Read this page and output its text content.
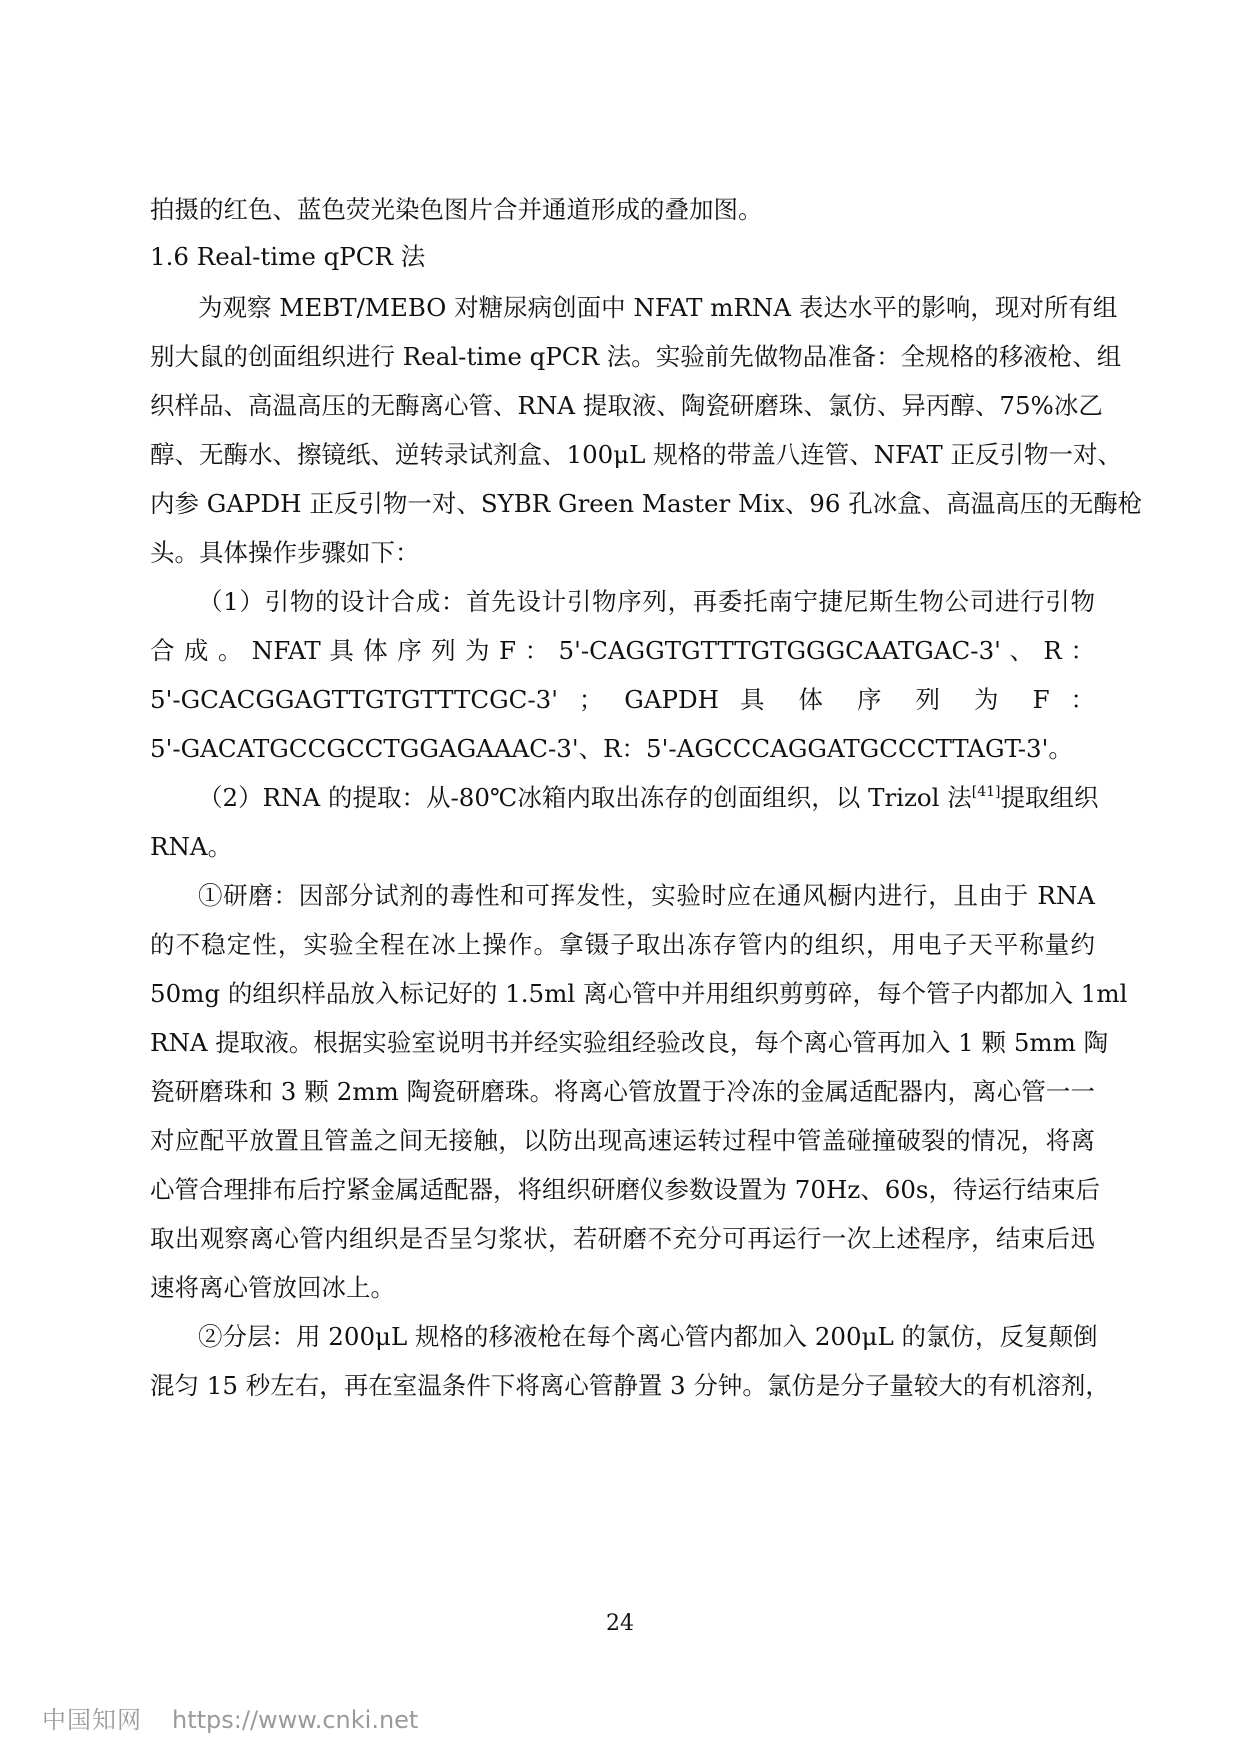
拍摄的红色、蓝色荧光染色图片合并通道形成的叠加图。

1.6 Real-time qPCR 法

为观察 MEBT/MEBO 对糖尿病创面中 NFAT mRNA 表达水平的影响，现对所有组

别大鼠的创面组织进行 Real-time qPCR 法。实验前先做物品准备：全规格的移液枪、组

织样品、高温高压的无酶离心管、RNA 提取液、陶瓷研磨珠、氯仿、异丙醇、75%冰乙

醇、无酶水、擦镜纸、逆转录试剂盒、100μL 规格的带盖八连管、NFAT 正反引物一对、

内参 GAPDH 正反引物一对、SYBR Green Master Mix、96 孔冰盒、高温高压的无酶枪

头。具体操作步骤如下：

（1）引物的设计合成：首先设计引物序列，再委托南宁捷尼斯生物公司进行引物

合 成 。 NFAT 具 体 序 列 为 F ： 5'-CAGGTGTTTGTGGGCAATGAC-3' 、 R ：

5'-GCACGGAGTTGTGTTTCGC-3' ； GAPDH 具 体 序 列 为 F ：

5'-GACATGCCGCCTGGAGAAAC-3'、R：5'-AGCCCAGGATGCCCTTAGT-3'。

（2）RNA 的提取：从-80℃冰箱内取出冻存的创面组织，以 Trizol 法[41]提取组织

RNA。

①研磨：因部分试剂的毒性和可挥发性，实验时应在通风橱内进行，且由于 RNA

的不稳定性，实验全程在冰上操作。拿镊子取出冻存管内的组织，用电子天平称量约

50mg 的组织样品放入标记好的 1.5ml 离心管中并用组织剪剪碎，每个管子内都加入 1ml

RNA 提取液。根据实验室说明书并经实验组经验改良，每个离心管再加入 1 颗 5mm 陶

瓷研磨珠和 3 颗 2mm 陶瓷研磨珠。将离心管放置于冷冻的金属适配器内，离心管一一

对应配平放置且管盖之间无接触，以防出现高速运转过程中管盖碰撞破裂的情况，将离

心管合理排布后拧紧金属适配器，将组织研磨仪参数设置为 70Hz、60s，待运行结束后

取出观察离心管内组织是否呈匀浆状，若研磨不充分可再运行一次上述程序，结束后迅

速将离心管放回冰上。

②分层：用 200μL 规格的移液枪在每个离心管内都加入 200μL 的氯仿，反复颠倒

混匀 15 秒左右，再在室温条件下将离心管静置 3 分钟。氯仿是分子量较大的有机溶剂，

24
中国知网 https://www.cnki.net
